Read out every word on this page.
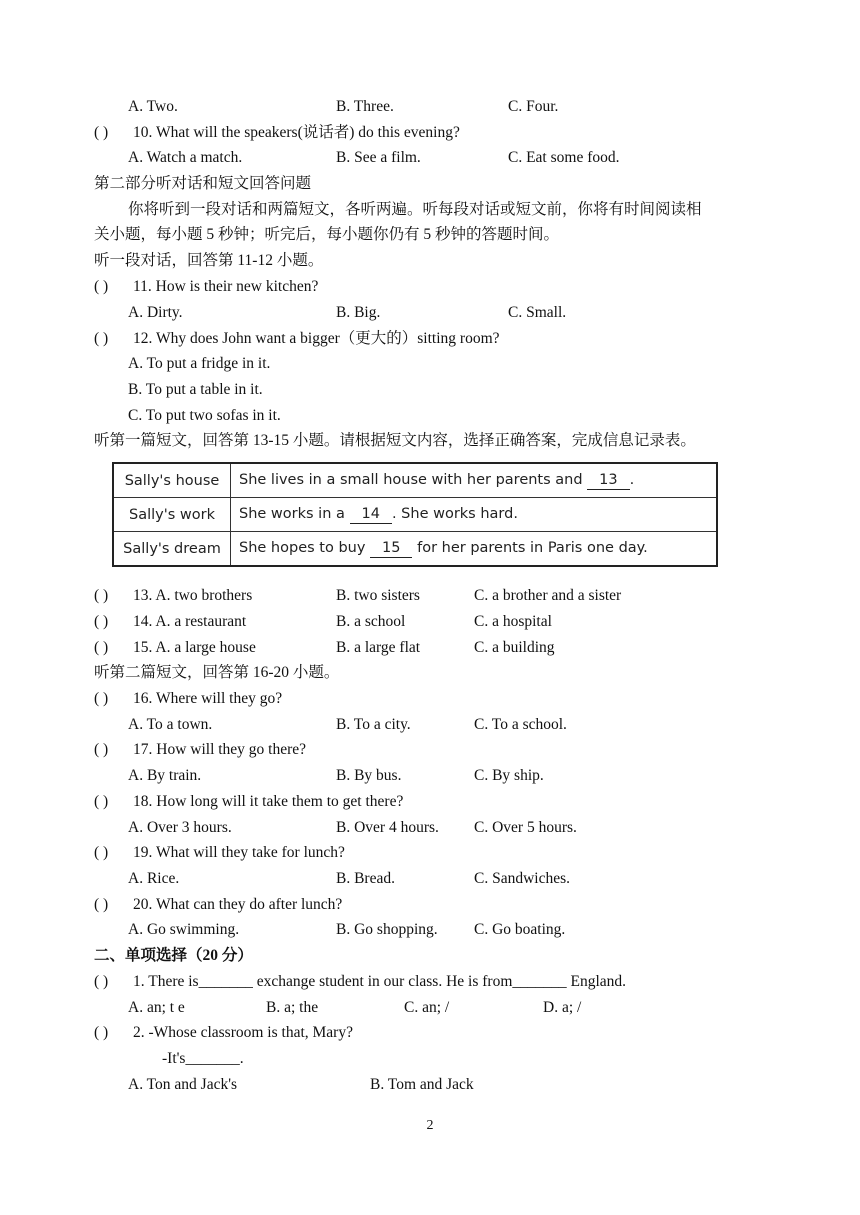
A. Two.	B. Three.	C. Four.
( ) 10. What will the speakers(说话者) do this evening?
A. Watch a match.	B. See a film.	C. Eat some food.
第二部分听对话和短文回答问题
你将听到一段对话和两篇短文，各听两遍。听每段对话或短文前，你将有时间阅读相
关小题，每小题 5 秒钟；听完后，每小题你仍有 5 秒钟的答题时间。
听一段对话，回答第 11-12 小题。
( ) 11. How is their new kitchen?
A. Dirty.	B. Big.	C. Small.
( ) 12. Why does John want a bigger（更大的）sitting room?
A. To put a fridge in it.
B. To put a table in it.
C. To put two sofas in it.
听第一篇短文，回答第 13-15 小题。请根据短文内容，选择正确答案，完成信息记录表。
Sally's house	She lives in a small house with her parents and 13 .
Sally's work	She works in a 14 . She works hard.
Sally's dream	She hopes to buy 15 for her parents in Paris one day.
( ) 13. A. two brothers	B. two sisters	C. a brother and a sister
( ) 14. A. a restaurant	B. a school	C. a hospital
( ) 15. A. a large house	B. a large flat	C. a building
听第二篇短文，回答第 16-20 小题。
( ) 16. Where will they go?
A. To a town.	B. To a city.	C. To a school.
( ) 17. How will they go there?
A. By train.	B. By bus.	C. By ship.
( ) 18. How long will it take them to get there?
A. Over 3 hours.	B. Over 4 hours. C. Over 5 hours.
( ) 19. What will they take for lunch?
A. Rice.	B. Bread.	C. Sandwiches.
( ) 20. What can they do after lunch?
A. Go swimming.	B. Go shopping. C. Go boating.
二、单项选择（20 分）
( ) 1. There is_______ exchange student in our class. He is from_______ England.
A. an; t e	B. a; the	C. an; /	D. a; /
( ) 2. -Whose classroom is that, Mary?
-It's_______.
A. Ton and Jack's	B. Tom and Jack
2
